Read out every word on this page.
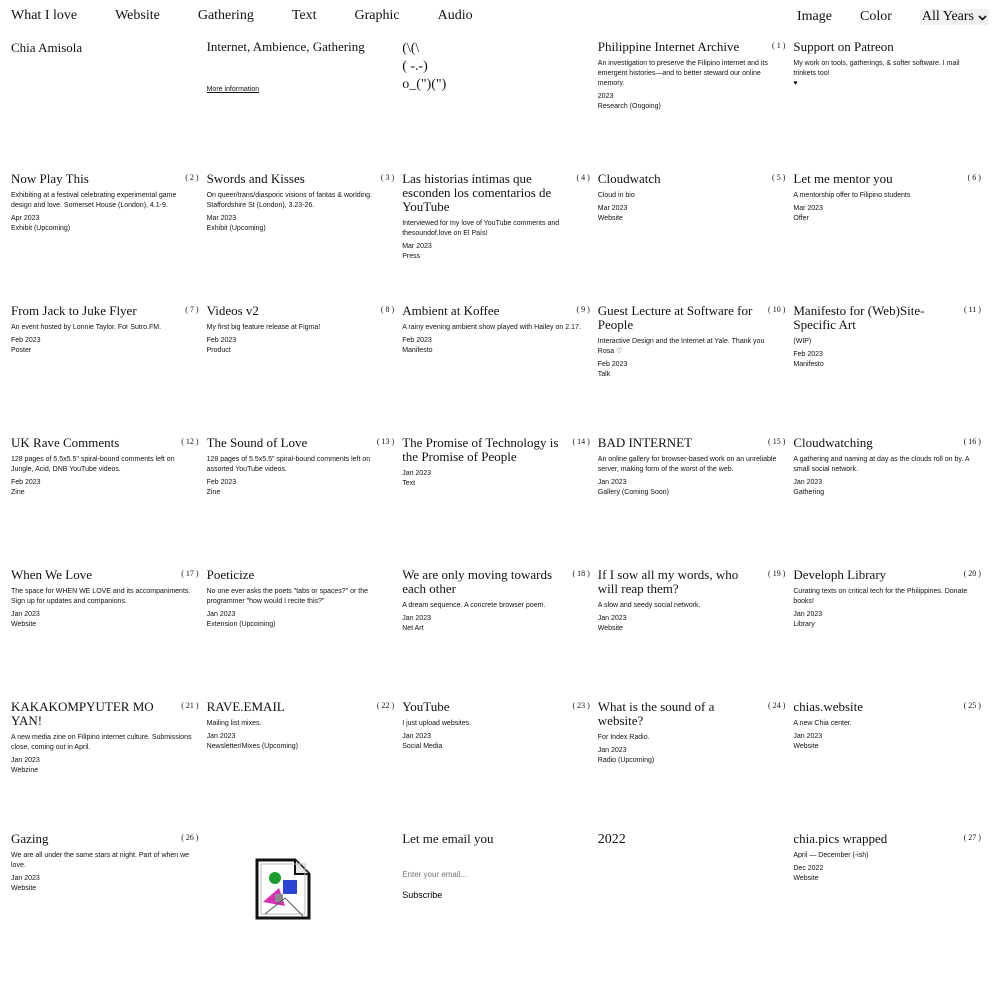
What I love	Website	Gathering	Text	Graphic	Audio	Image Color All Years
Chia Amisola	Internet, Ambience, Gathering
More information
(\(\
( -.-)
o_(")(")
Philippine Internet Archive	( 1 )
An investigation to preserve the Filipino internet and its emergent histories—and to better steward our online memory.
2023
Research (Ongoing)
Support on Patreon
My work on tools, gatherings, & softer software. I mail trinkets too!
♥
Now Play This	( 2 )
Exhibiting at a festival celebrating experimental game design and love. Somerset House (London), 4.1-9.
Apr 2023
Exhibit (Upcoming)
Swords and Kisses	( 3 )
On queer/trans/diasporic visions of fantas & worlding. Staffordshire St (London), 3.23-26.
Mar 2023
Exhibit (Upcoming)
Las historias íntimas que esconden los comentarios de YouTube
( 4 )
Interviewed for my love of YouTube comments and thesoundof.love on El País!
Mar 2023
Press
Cloudwatch	( 5 )
Cloud in bio
Mar 2023
Website
Let me mentor you	( 6 )
A mentorship offer to Filipino students
Mar 2023
Offer
From Jack to Juke Flyer	( 7 )
An event hosted by Lonnie Taylor. For Sutro.FM.
Feb 2023
Poster
Videos v2	( 8 )
My first big feature release at Figma!
Feb 2023
Product
Ambient at Koffee	( 9 )
A rainy evening ambient show played with Hailey on 2.17.
Feb 2023
Manifesto
Guest Lecture at Software for People
( 10 )
Interactive Design and the Internet at Yale. Thank you Rosa ♡
Feb 2023
Talk
Manifesto for (Web)Site-Specific Art
( 11 )
(WIP)
Feb 2023
Manifesto
UK Rave Comments	( 12 )
128 pages of 5.5x5.5" spiral-bound comments left on Jungle, Acid, DNB YouTube videos.
Feb 2023
Zine
The Sound of Love	( 13 )
128 pages of 5.5x5.5" spiral-bound comments left on assorted YouTube videos.
Feb 2023
Zine
The Promise of Technology is the Promise of People
( 14 )
Jan 2023
Text
BAD INTERNET	( 15 )
An online gallery for browser-based work on an unreliable server, making form of the worst of the web.
Jan 2023
Gallery (Coming Soon)
Cloudwatching	( 16 )
A gathering and naming at day as the clouds roll on by. A small social network.
Jan 2023
Gathering
When We Love	( 17 )
The space for WHEN WE LOVE and its accompaniments. Sign up for updates and companions.
Jan 2023
Website
Poeticize
No one ever asks the poets "tabs or spaces?" or the programmer "how would I recite this?"
Jan 2023
Extension (Upcoming)
We are only moving towards each other
( 18 )
A dream sequence. A concrete browser poem.
Jan 2023
Net Art
If I sow all my words, who will reap them?
( 19 )
A slow and seedy social network.
Jan 2023
Website
Developh Library	( 20 )
Curating texts on critical tech for the Philippines. Donate books!
Jan 2023
Library
KAKAKOMPYUTER MO YAN!
( 21 )
A new media zine on Filipino internet culture. Submissions close, coming out in April.
Jan 2023
Webzine
RAVE.EMAIL	( 22 )
Mailing list mixes.
Jan 2023
Newsletter/Mixes (Upcoming)
YouTube	( 23 )
I just upload websites.
Jan 2023
Social Media
What is the sound of a website?
( 24 )
For Index Radio.
Jan 2023
Radio (Upcoming)
chias.website	( 25 )
A new Chia center.
Jan 2023
Website
Gazing	( 26 )
We are all under the same stars at night. Part of when we love.
Jan 2023
Website
Let me email you
Enter your email...
Subscribe
2022	chia.pics wrapped	( 27 )
April — December (-ish)
Dec 2022
Website
